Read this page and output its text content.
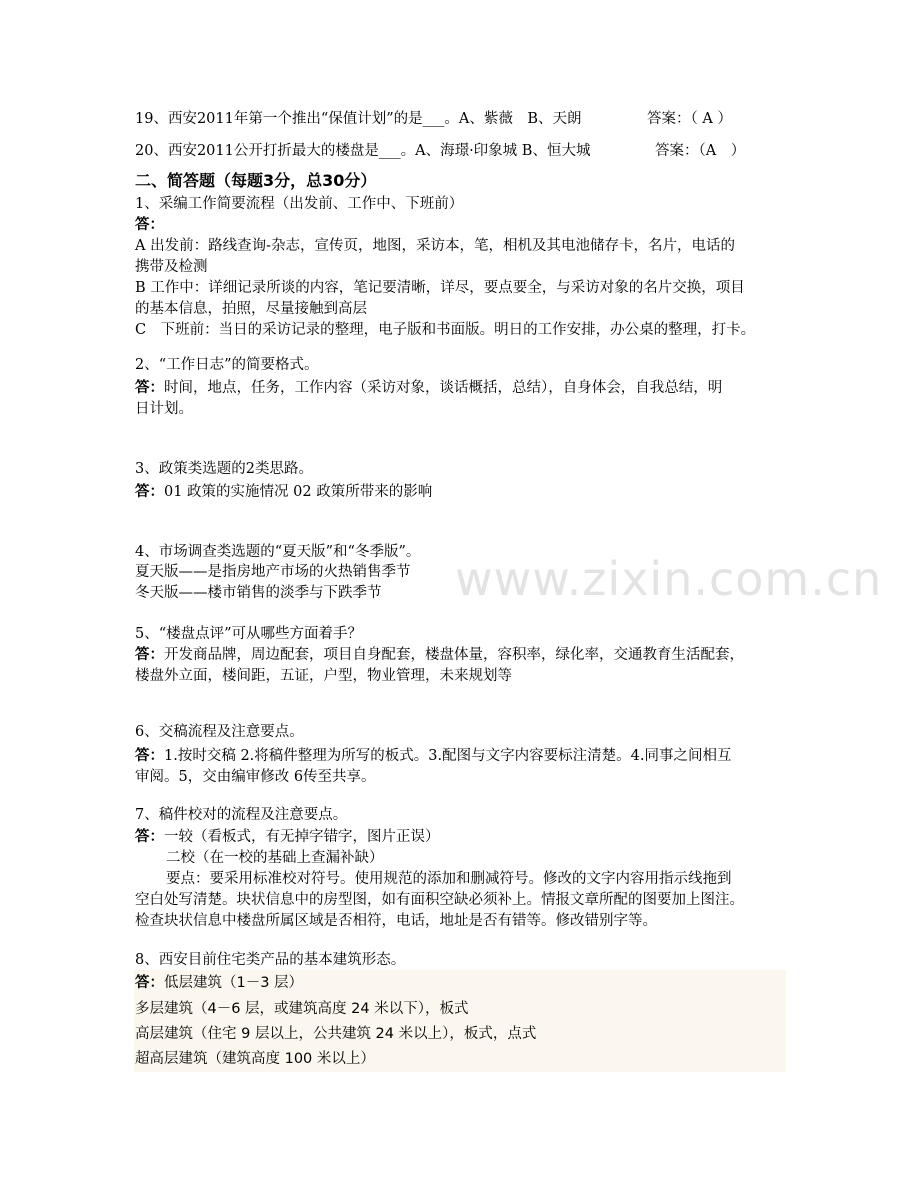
www.zixin.com.cn
19、西安2011年第一个推出“保值计划”的是___。A、紫薇　B、天朗	答案：（ A ）
20、西安2011公开打折最大的楼盘是___。A、海璟·印象城 B、恒大城	答案：（A　）
二、简答题（每题3分，总30分）
1、采编工作简要流程（出发前、工作中、下班前）
答：
A 出发前：路线查询-杂志，宣传页，地图，采访本，笔，相机及其电池储存卡，名片，电话的
携带及检测
B 工作中：详细记录所谈的内容，笔记要清晰，详尽，要点要全，与采访对象的名片交换，项目
的基本信息，拍照，尽量接触到高层
C　下班前：当日的采访记录的整理，电子版和书面版。明日的工作安排，办公桌的整理，打卡。
2、“工作日志”的简要格式。
答：时间，地点，任务，工作内容（采访对象，谈话概括，总结），自身体会，自我总结，明
日计划。
3、政策类选题的2类思路。
答：01 政策的实施情况 02 政策所带来的影响
4、市场调查类选题的“夏天版”和“冬季版”。
夏天版——是指房地产市场的火热销售季节
冬天版——楼市销售的淡季与下跌季节
5、“楼盘点评”可从哪些方面着手？
答：开发商品牌，周边配套，项目自身配套，楼盘体量，容积率，绿化率，交通教育生活配套，
楼盘外立面，楼间距，五证，户型，物业管理，未来规划等
6、交稿流程及注意要点。
答：1.按时交稿 2.将稿件整理为所写的板式。3.配图与文字内容要标注清楚。4.同事之间相互
审阅。5，交由编审修改 6传至共享。
7、稿件校对的流程及注意要点。
答：一较（看板式，有无掉字错字，图片正误）
二校（在一校的基础上查漏补缺）
要点：要采用标准校对符号。使用规范的添加和删减符号。修改的文字内容用指示线拖到
空白处写清楚。块状信息中的房型图，如有面积空缺必须补上。情报文章所配的图要加上图注。
检查块状信息中楼盘所属区域是否相符，电话，地址是否有错等。修改错别字等。
8、西安目前住宅类产品的基本建筑形态。
答：低层建筑（1－3 层）
多层建筑（4－6 层，或建筑高度 24 米以下），板式
高层建筑（住宅 9 层以上，公共建筑 24 米以上），板式，点式
超高层建筑（建筑高度 100 米以上）
